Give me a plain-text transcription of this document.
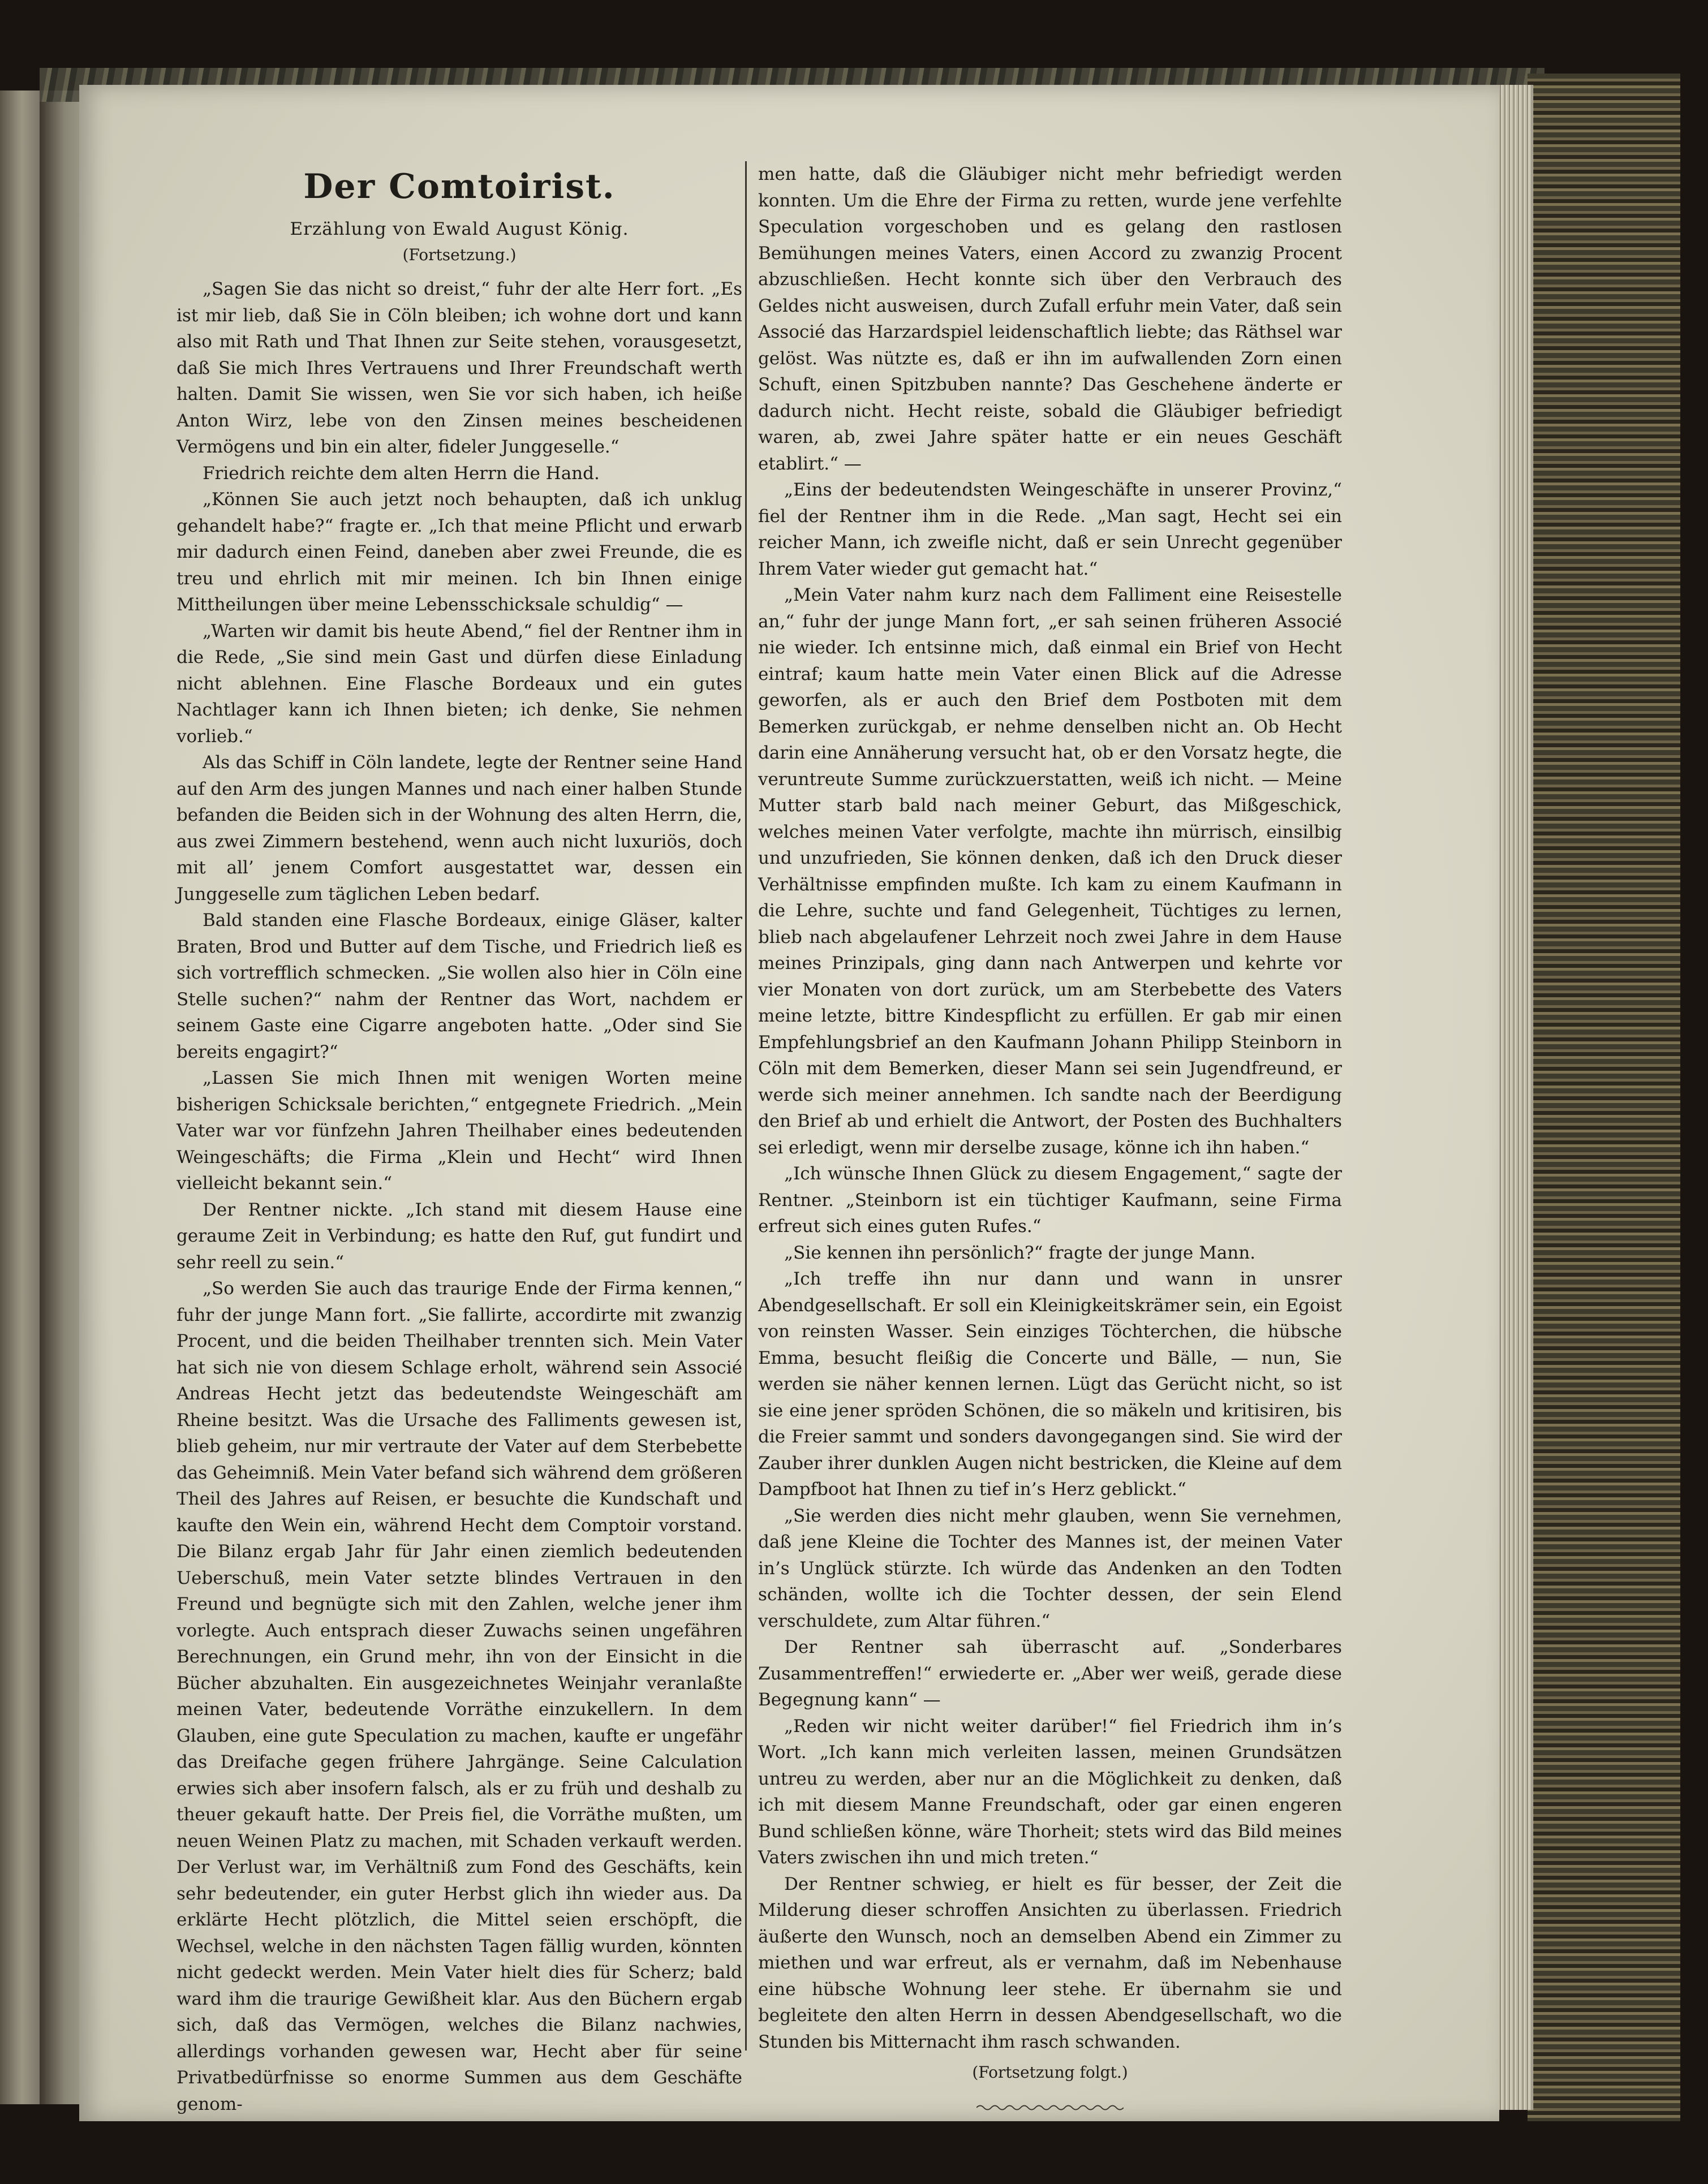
Der Comtoirist.
Erzählung von Ewald August König.
(Fortsetzung.)

„Sagen Sie das nicht so dreist,“ fuhr der alte Herr fort. „Es ist mir lieb, daß Sie in Cöln bleiben; ich wohne dort und kann also mit Rath und That Ihnen zur Seite stehen, vorausgesetzt, daß Sie mich Ihres Vertrauens und Ihrer Freundschaft werth halten. Damit Sie wissen, wen Sie vor sich haben, ich heiße Anton Wirz, lebe von den Zinsen meines bescheidenen Vermögens und bin ein alter, fideler Junggeselle.“

Friedrich reichte dem alten Herrn die Hand.

„Können Sie auch jetzt noch behaupten, daß ich unklug gehandelt habe?“ fragte er. „Ich that meine Pflicht und erwarb mir dadurch einen Feind, daneben aber zwei Freunde, die es treu und ehrlich mit mir meinen. Ich bin Ihnen einige Mittheilungen über meine Lebensschicksale schuldig“ —

„Warten wir damit bis heute Abend,“ fiel der Rentner ihm in die Rede, „Sie sind mein Gast und dürfen diese Einladung nicht ablehnen. Eine Flasche Bordeaux und ein gutes Nachtlager kann ich Ihnen bieten; ich denke, Sie nehmen vorlieb.“

Als das Schiff in Cöln landete, legte der Rentner seine Hand auf den Arm des jungen Mannes und nach einer halben Stunde befanden die Beiden sich in der Wohnung des alten Herrn, die, aus zwei Zimmern bestehend, wenn auch nicht luxuriös, doch mit all’ jenem Comfort ausgestattet war, dessen ein Junggeselle zum täglichen Leben bedarf.

Bald standen eine Flasche Bordeaux, einige Gläser, kalter Braten, Brod und Butter auf dem Tische, und Friedrich ließ es sich vortrefflich schmecken. „Sie wollen also hier in Cöln eine Stelle suchen?“ nahm der Rentner das Wort, nachdem er seinem Gaste eine Cigarre angeboten hatte. „Oder sind Sie bereits engagirt?“

„Lassen Sie mich Ihnen mit wenigen Worten meine bisherigen Schicksale berichten,“ entgegnete Friedrich. „Mein Vater war vor fünfzehn Jahren Theilhaber eines bedeutenden Weingeschäfts; die Firma „Klein und Hecht“ wird Ihnen vielleicht bekannt sein.“

Der Rentner nickte. „Ich stand mit diesem Hause eine geraume Zeit in Verbindung; es hatte den Ruf, gut fundirt und sehr reell zu sein.“

„So werden Sie auch das traurige Ende der Firma kennen,“ fuhr der junge Mann fort. „Sie fallirte, accordirte mit zwanzig Procent, und die beiden Theilhaber trennten sich. Mein Vater hat sich nie von diesem Schlage erholt, während sein Associé Andreas Hecht jetzt das bedeutendste Weingeschäft am Rheine besitzt. Was die Ursache des Falliments gewesen ist, blieb geheim, nur mir vertraute der Vater auf dem Sterbebette das Geheimniß. Mein Vater befand sich während dem größeren Theil des Jahres auf Reisen, er besuchte die Kundschaft und kaufte den Wein ein, während Hecht dem Comptoir vorstand. Die Bilanz ergab Jahr für Jahr einen ziemlich bedeutenden Ueberschuß, mein Vater setzte blindes Vertrauen in den Freund und begnügte sich mit den Zahlen, welche jener ihm vorlegte. Auch entsprach dieser Zuwachs seinen ungefähren Berechnungen, ein Grund mehr, ihn von der Einsicht in die Bücher abzuhalten. Ein ausgezeichnetes Weinjahr veranlaßte meinen Vater, bedeutende Vorräthe einzukellern. In dem Glauben, eine gute Speculation zu machen, kaufte er ungefähr das Dreifache gegen frühere Jahrgänge. Seine Calculation erwies sich aber insofern falsch, als er zu früh und deshalb zu theuer gekauft hatte. Der Preis fiel, die Vorräthe mußten, um neuen Weinen Platz zu machen, mit Schaden verkauft werden. Der Verlust war, im Verhältniß zum Fond des Geschäfts, kein sehr bedeutender, ein guter Herbst glich ihn wieder aus. Da erklärte Hecht plötzlich, die Mittel seien erschöpft, die Wechsel, welche in den nächsten Tagen fällig wurden, könnten nicht gedeckt werden. Mein Vater hielt dies für Scherz; bald ward ihm die traurige Gewißheit klar. Aus den Büchern ergab sich, daß das Vermögen, welches die Bilanz nachwies, allerdings vorhanden gewesen war, Hecht aber für seine Privatbedürfnisse so enorme Summen aus dem Geschäfte genom-

men hatte, daß die Gläubiger nicht mehr befriedigt werden konnten. Um die Ehre der Firma zu retten, wurde jene verfehlte Speculation vorgeschoben und es gelang den rastlosen Bemühungen meines Vaters, einen Accord zu zwanzig Procent abzuschließen. Hecht konnte sich über den Verbrauch des Geldes nicht ausweisen, durch Zufall erfuhr mein Vater, daß sein Associé das Harzardspiel leidenschaftlich liebte; das Räthsel war gelöst. Was nützte es, daß er ihn im aufwallenden Zorn einen Schuft, einen Spitzbuben nannte? Das Geschehene änderte er dadurch nicht. Hecht reiste, sobald die Gläubiger befriedigt waren, ab, zwei Jahre später hatte er ein neues Geschäft etablirt.“ —

„Eins der bedeutendsten Weingeschäfte in unserer Provinz,“ fiel der Rentner ihm in die Rede. „Man sagt, Hecht sei ein reicher Mann, ich zweifle nicht, daß er sein Unrecht gegenüber Ihrem Vater wieder gut gemacht hat.“

„Mein Vater nahm kurz nach dem Falliment eine Reisestelle an,“ fuhr der junge Mann fort, „er sah seinen früheren Associé nie wieder. Ich entsinne mich, daß einmal ein Brief von Hecht eintraf; kaum hatte mein Vater einen Blick auf die Adresse geworfen, als er auch den Brief dem Postboten mit dem Bemerken zurückgab, er nehme denselben nicht an. Ob Hecht darin eine Annäherung versucht hat, ob er den Vorsatz hegte, die veruntreute Summe zurückzuerstatten, weiß ich nicht. — Meine Mutter starb bald nach meiner Geburt, das Mißgeschick, welches meinen Vater verfolgte, machte ihn mürrisch, einsilbig und unzufrieden, Sie können denken, daß ich den Druck dieser Verhältnisse empfinden mußte. Ich kam zu einem Kaufmann in die Lehre, suchte und fand Gelegenheit, Tüchtiges zu lernen, blieb nach abgelaufener Lehrzeit noch zwei Jahre in dem Hause meines Prinzipals, ging dann nach Antwerpen und kehrte vor vier Monaten von dort zurück, um am Sterbebette des Vaters meine letzte, bittre Kindespflicht zu erfüllen. Er gab mir einen Empfehlungsbrief an den Kaufmann Johann Philipp Steinborn in Cöln mit dem Bemerken, dieser Mann sei sein Jugendfreund, er werde sich meiner annehmen. Ich sandte nach der Beerdigung den Brief ab und erhielt die Antwort, der Posten des Buchhalters sei erledigt, wenn mir derselbe zusage, könne ich ihn haben.“

„Ich wünsche Ihnen Glück zu diesem Engagement,“ sagte der Rentner. „Steinborn ist ein tüchtiger Kaufmann, seine Firma erfreut sich eines guten Rufes.“

„Sie kennen ihn persönlich?“ fragte der junge Mann.

„Ich treffe ihn nur dann und wann in unsrer Abendgesellschaft. Er soll ein Kleinigkeitskrämer sein, ein Egoist von reinsten Wasser. Sein einziges Töchterchen, die hübsche Emma, besucht fleißig die Concerte und Bälle, — nun, Sie werden sie näher kennen lernen. Lügt das Gerücht nicht, so ist sie eine jener spröden Schönen, die so mäkeln und kritisiren, bis die Freier sammt und sonders davongegangen sind. Sie wird der Zauber ihrer dunklen Augen nicht bestricken, die Kleine auf dem Dampfboot hat Ihnen zu tief in’s Herz geblickt.“

„Sie werden dies nicht mehr glauben, wenn Sie vernehmen, daß jene Kleine die Tochter des Mannes ist, der meinen Vater in’s Unglück stürzte. Ich würde das Andenken an den Todten schänden, wollte ich die Tochter dessen, der sein Elend verschuldete, zum Altar führen.“

Der Rentner sah überrascht auf. „Sonderbares Zusammentreffen!“ erwiederte er. „Aber wer weiß, gerade diese Begegnung kann“ —

„Reden wir nicht weiter darüber!“ fiel Friedrich ihm in’s Wort. „Ich kann mich verleiten lassen, meinen Grundsätzen untreu zu werden, aber nur an die Möglichkeit zu denken, daß ich mit diesem Manne Freundschaft, oder gar einen engeren Bund schließen könne, wäre Thorheit; stets wird das Bild meines Vaters zwischen ihn und mich treten.“

Der Rentner schwieg, er hielt es für besser, der Zeit die Milderung dieser schroffen Ansichten zu überlassen. Friedrich äußerte den Wunsch, noch an demselben Abend ein Zimmer zu miethen und war erfreut, als er vernahm, daß im Nebenhause eine hübsche Wohnung leer stehe. Er übernahm sie und begleitete den alten Herrn in dessen Abendgesellschaft, wo die Stunden bis Mitternacht ihm rasch schwanden.

(Fortsetzung folgt.)
